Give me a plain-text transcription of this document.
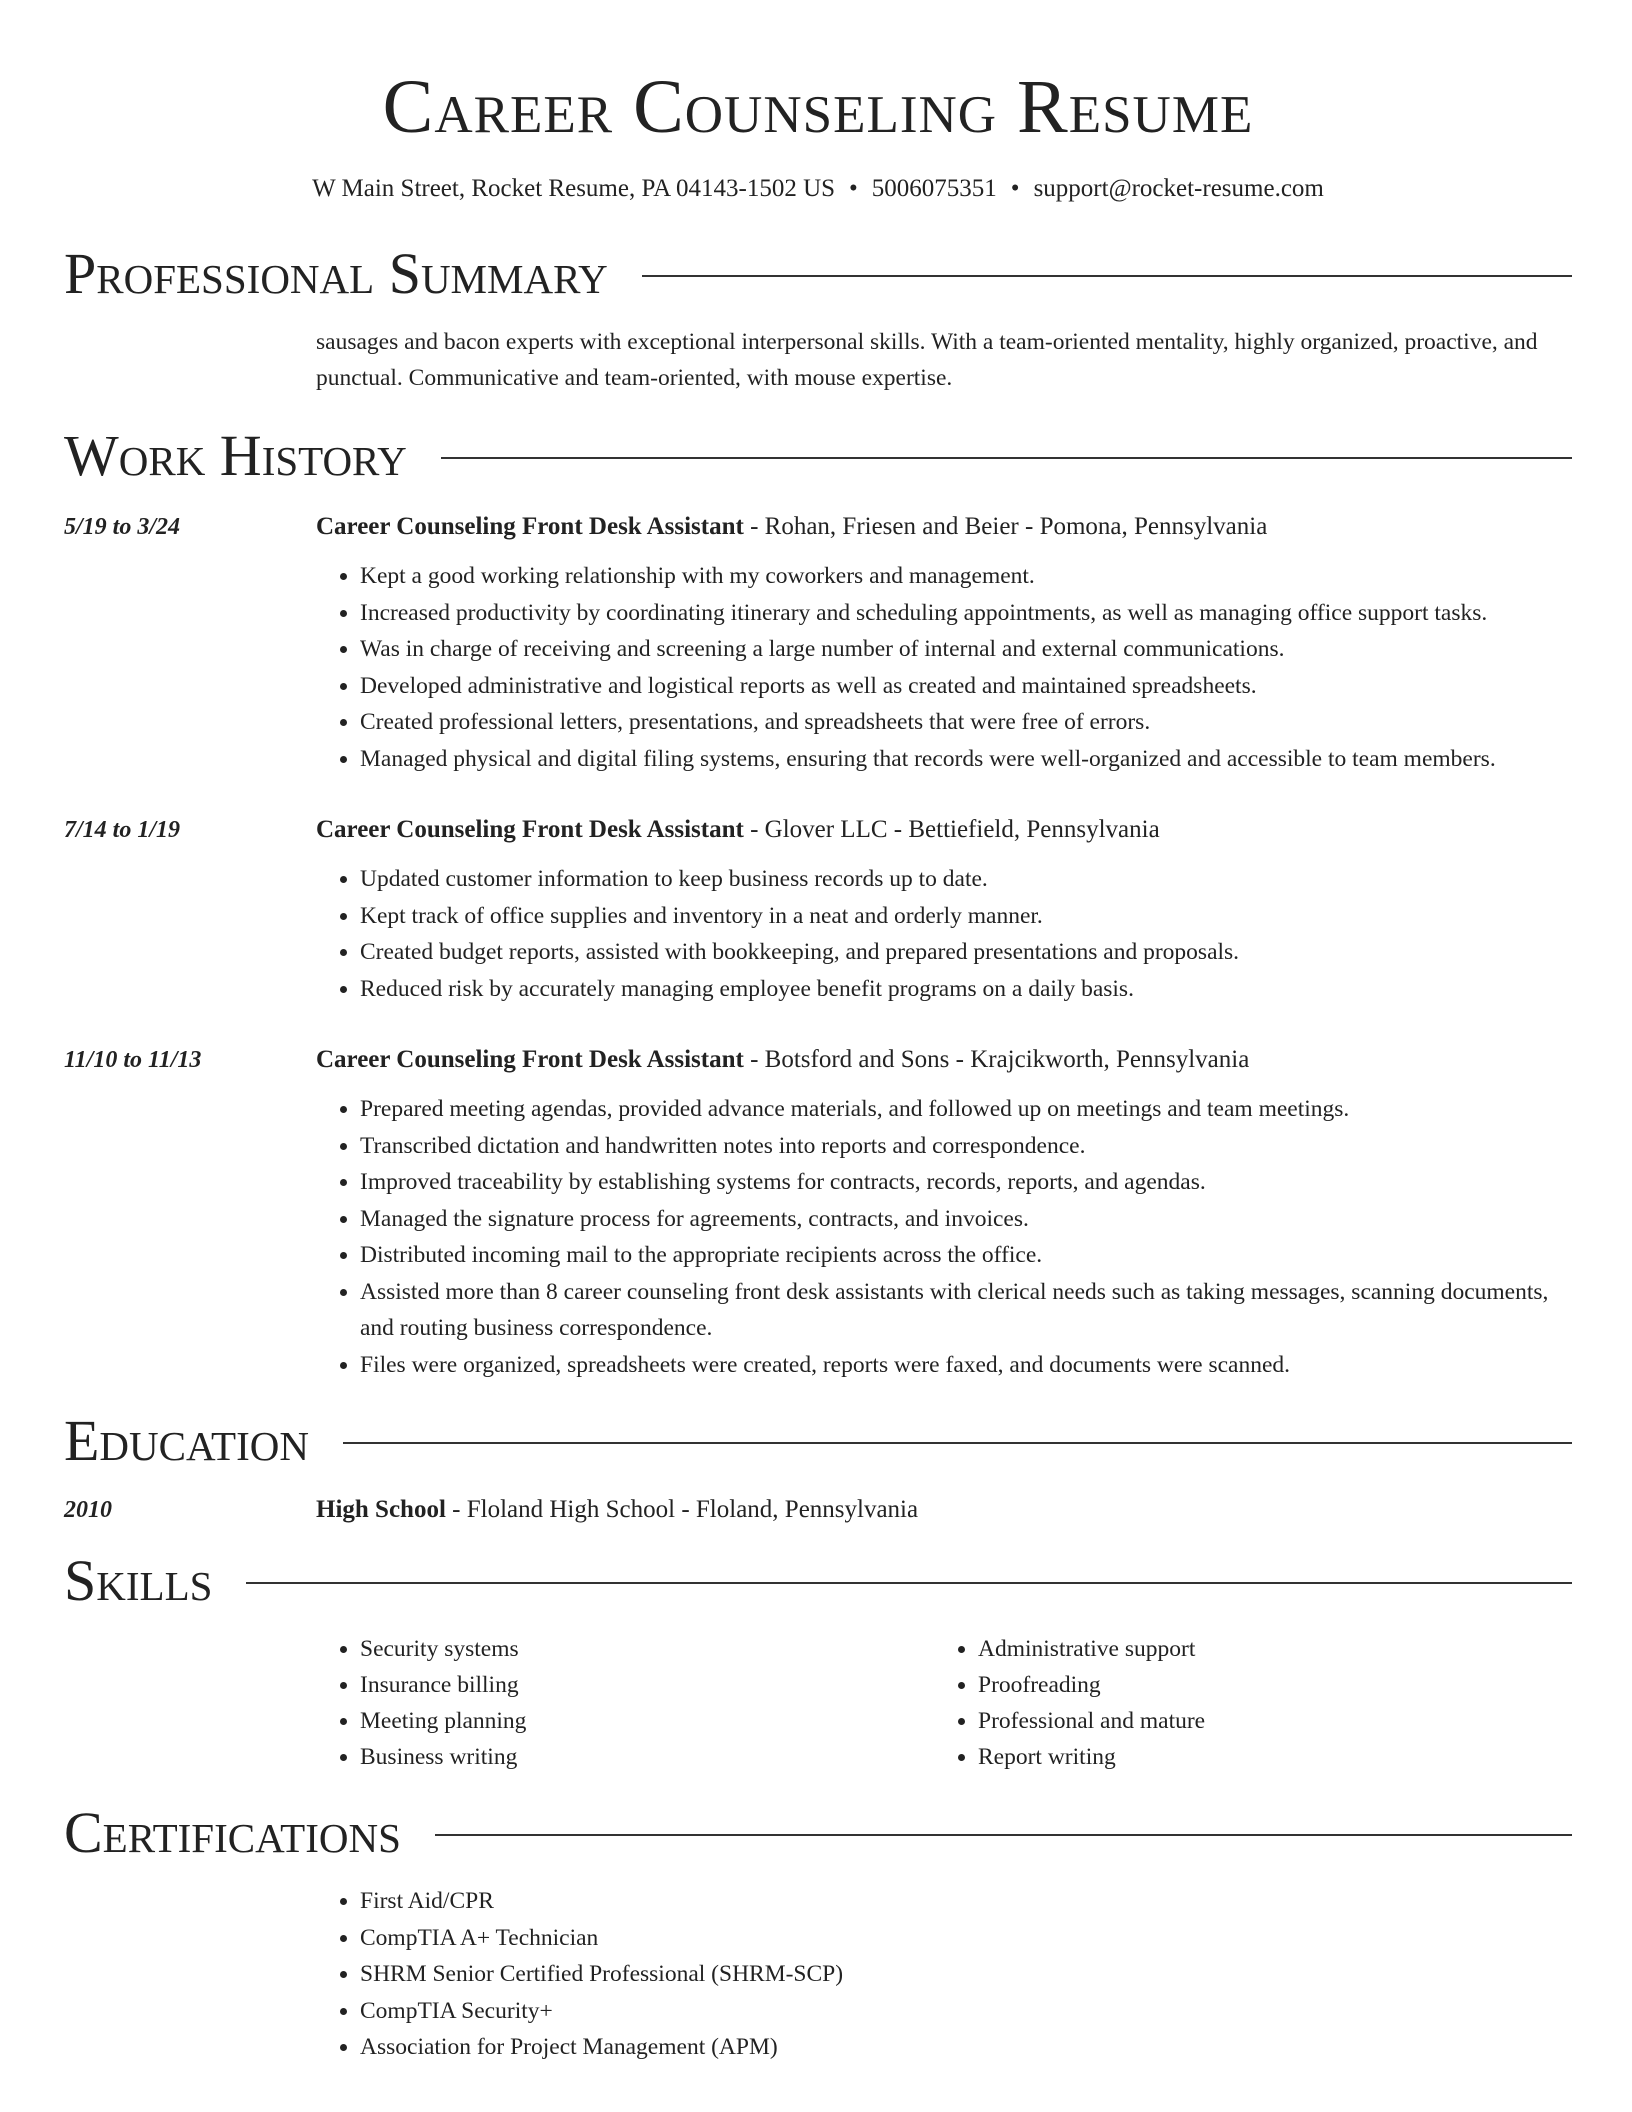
Career Counseling Resume
W Main Street, Rocket Resume, PA 04143-1502 US • 5006075351 • support@rocket-resume.com
Professional Summary
sausages and bacon experts with exceptional interpersonal skills. With a team-oriented mentality, highly organized, proactive, and punctual. Communicative and team-oriented, with mouse expertise.
Work History
5/19 to 3/24	Career Counseling Front Desk Assistant - Rohan, Friesen and Beier - Pomona, Pennsylvania
• Kept a good working relationship with my coworkers and management.
• Increased productivity by coordinating itinerary and scheduling appointments, as well as managing office support tasks.
• Was in charge of receiving and screening a large number of internal and external communications.
• Developed administrative and logistical reports as well as created and maintained spreadsheets.
• Created professional letters, presentations, and spreadsheets that were free of errors.
• Managed physical and digital filing systems, ensuring that records were well-organized and accessible to team members.
7/14 to 1/19	Career Counseling Front Desk Assistant - Glover LLC - Bettiefield, Pennsylvania
• Updated customer information to keep business records up to date.
• Kept track of office supplies and inventory in a neat and orderly manner.
• Created budget reports, assisted with bookkeeping, and prepared presentations and proposals.
• Reduced risk by accurately managing employee benefit programs on a daily basis.
11/10 to 11/13	Career Counseling Front Desk Assistant - Botsford and Sons - Krajcikworth, Pennsylvania
• Prepared meeting agendas, provided advance materials, and followed up on meetings and team meetings.
• Transcribed dictation and handwritten notes into reports and correspondence.
• Improved traceability by establishing systems for contracts, records, reports, and agendas.
• Managed the signature process for agreements, contracts, and invoices.
• Distributed incoming mail to the appropriate recipients across the office.
• Assisted more than 8 career counseling front desk assistants with clerical needs such as taking messages, scanning documents, and routing business correspondence.
• Files were organized, spreadsheets were created, reports were faxed, and documents were scanned.
Education
2010	High School - Floland High School - Floland, Pennsylvania
Skills
• Security systems
• Insurance billing
• Meeting planning
• Business writing
• Administrative support
• Proofreading
• Professional and mature
• Report writing
Certifications
• First Aid/CPR
• CompTIA A+ Technician
• SHRM Senior Certified Professional (SHRM-SCP)
• CompTIA Security+
• Association for Project Management (APM)
